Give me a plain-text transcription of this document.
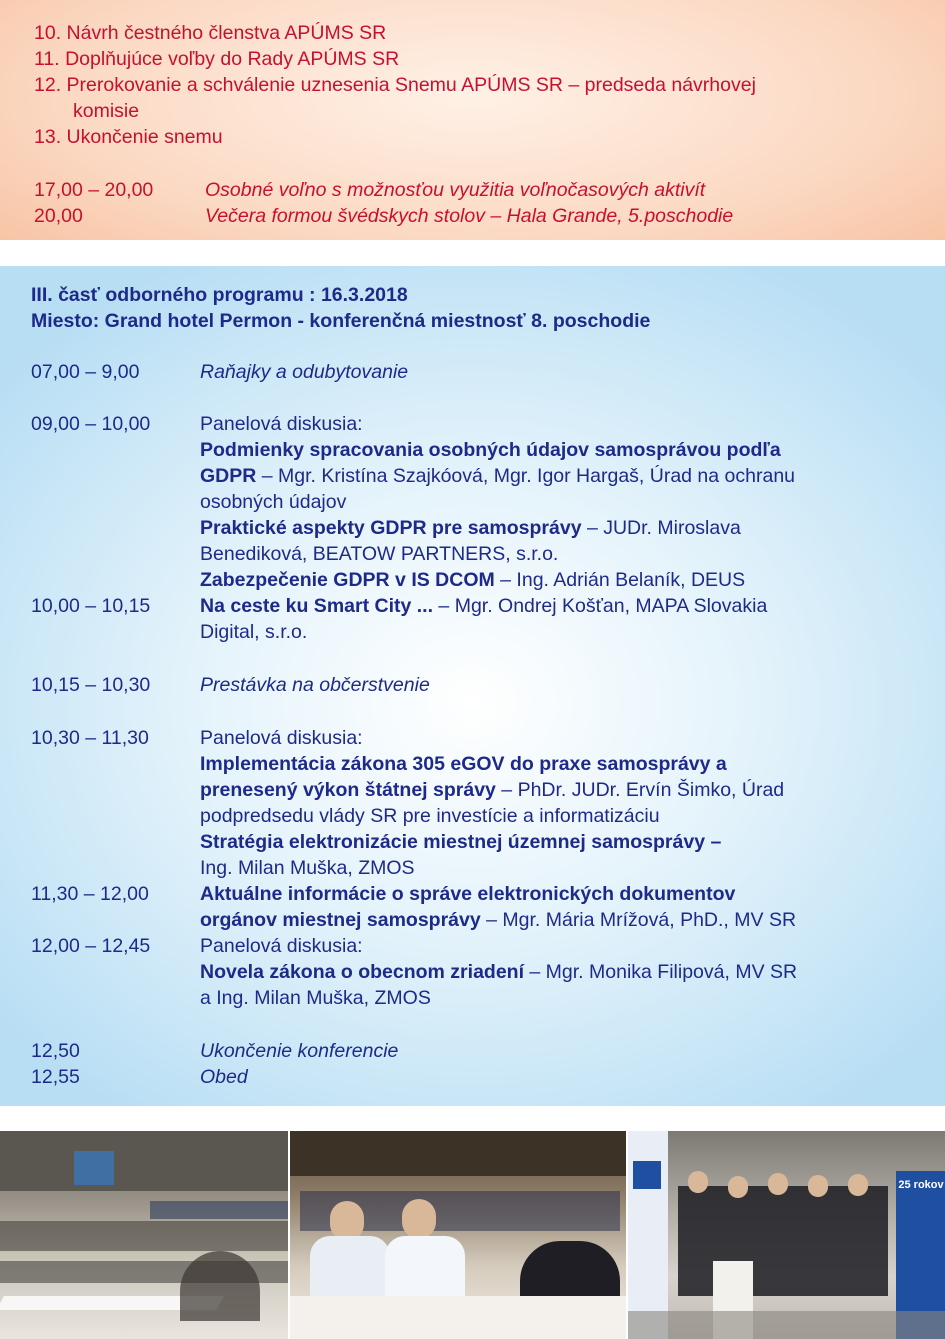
10. Návrh čestného členstva APÚMS SR
11. Doplňujúce voľby do Rady APÚMS SR
12. Prerokovanie a schválenie uznesenia Snemu APÚMS SR – predseda návrhovej
komisie
13. Ukončenie snemu
17,00 – 20,00	Osobné voľno s možnosťou využitia voľnočasových aktivít
20,00	Večera formou švédskych stolov – Hala Grande, 5.poschodie
III. časť odborného programu : 16.3.2018
Miesto: Grand hotel Permon - konferenčná miestnosť 8. poschodie
07,00 – 9,00	Raňajky a odubytovanie
09,00 – 10,00	Panelová diskusia:
Podmienky spracovania osobných údajov samosprávou podľa
GDPR – Mgr. Kristína Szajkóová, Mgr. Igor Hargaš, Úrad na ochranu
osobných údajov
Praktické aspekty GDPR pre samosprávy – JUDr. Miroslava
Benediková, BEATOW PARTNERS, s.r.o.
Zabezpečenie GDPR v IS DCOM – Ing. Adrián Belaník, DEUS
10,00 – 10,15	Na ceste ku Smart City ... – Mgr. Ondrej Košťan, MAPA Slovakia
Digital, s.r.o.
10,15 – 10,30	Prestávka na občerstvenie
10,30 – 11,30	Panelová diskusia:
Implementácia zákona 305 eGOV do praxe samosprávy a
prenesený výkon štátnej správy – PhDr. JUDr. Ervín Šimko, Úrad
podpredsedu vlády SR pre investície a informatizáciu
Stratégia elektronizácie miestnej územnej samosprávy –
Ing. Milan Muška, ZMOS
11,30 – 12,00	Aktuálne informácie o správe elektronických dokumentov
orgánov miestnej samosprávy – Mgr. Mária Mrížová, PhD., MV SR
12,00 – 12,45	Panelová diskusia:
Novela zákona o obecnom zriadení – Mgr. Monika Filipová, MV SR
a Ing. Milan Muška, ZMOS
12,50	Ukončenie konferencie
12,55	Obed
25 rokov
